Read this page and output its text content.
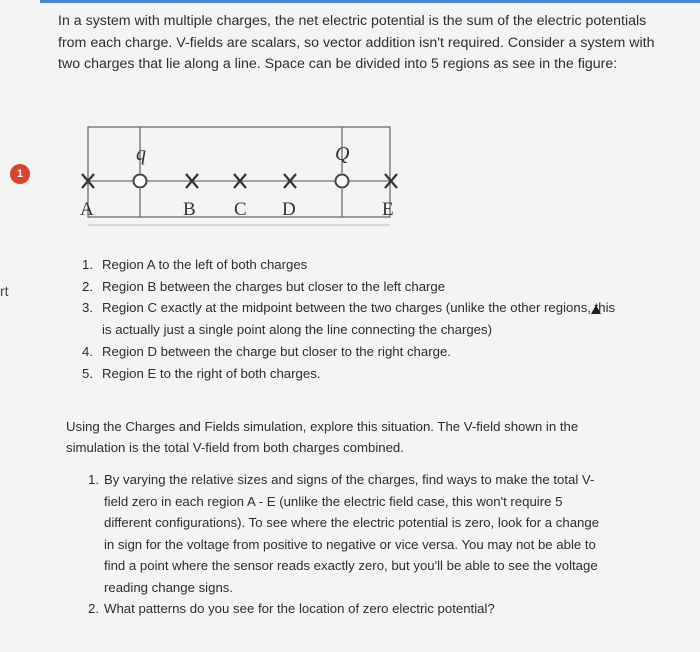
1
rt

In a system with multiple charges, the net electric potential is the sum of the electric potentials from each charge. V-fields are scalars, so vector addition isn't required. Consider a system with two charges that lie along a line. Space can be divided into 5 regions as see in the figure:

q	Q
A	B C D	E
1. Region A to the left of both charges
2. Region B between the charges but closer to the left charge
3. Region C exactly at the midpoint between the two charges (unlike the other regions, this is actually just a single point along the line connecting the charges)
4. Region D between the charge but closer to the right charge.
5. Region E to the right of both charges.

Using the Charges and Fields simulation, explore this situation. The V-field shown in the simulation is the total V-field from both charges combined.

1. By varying the relative sizes and signs of the charges, find ways to make the total V-field zero in each region A - E (unlike the electric field case, this won't require 5 different configurations). To see where the electric potential is zero, look for a change in sign for the voltage from positive to negative or vice versa. You may not be able to find a point where the sensor reads exactly zero, but you'll be able to see the voltage reading change signs.
2. What patterns do you see for the location of zero electric potential?
